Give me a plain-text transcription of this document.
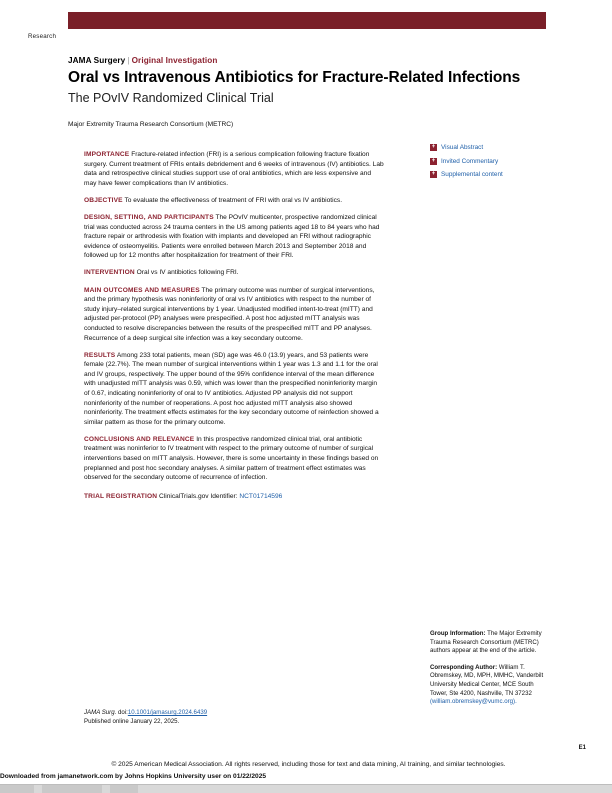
Research
JAMA Surgery | Original Investigation
Oral vs Intravenous Antibiotics for Fracture-Related Infections
The POvIV Randomized Clinical Trial
Major Extremity Trauma Research Consortium (METRC)
IMPORTANCE Fracture-related infection (FRI) is a serious complication following fracture fixation surgery. Current treatment of FRIs entails debridement and 6 weeks of intravenous (IV) antibiotics. Lab data and retrospective clinical studies support use of oral antibiotics, which are less expensive and may have fewer complications than IV antibiotics.
OBJECTIVE To evaluate the effectiveness of treatment of FRI with oral vs IV antibiotics.
DESIGN, SETTING, AND PARTICIPANTS The POvIV multicenter, prospective randomized clinical trial was conducted across 24 trauma centers in the US among patients aged 18 to 84 years who had fracture repair or arthrodesis with fixation with implants and developed an FRI without radiographic evidence of osteomyelitis. Patients were enrolled between March 2013 and September 2018 and followed up for 12 months after hospitalization for treatment of their FRI.
INTERVENTION Oral vs IV antibiotics following FRI.
MAIN OUTCOMES AND MEASURES The primary outcome was number of surgical interventions, and the primary hypothesis was noninferiority of oral vs IV antibiotics with respect to the number of study injury–related surgical interventions by 1 year. Unadjusted modified intent-to-treat (mITT) and adjusted per-protocol (PP) analyses were prespecified. A post hoc adjusted mITT analysis was conducted to resolve discrepancies between the results of the prespecified mITT and PP analyses. Recurrence of a deep surgical site infection was a key secondary outcome.
RESULTS Among 233 total patients, mean (SD) age was 46.0 (13.9) years, and 53 patients were female (22.7%). The mean number of surgical interventions within 1 year was 1.3 and 1.1 for the oral and IV groups, respectively. The upper bound of the 95% confidence interval of the mean difference with unadjusted mITT analysis was 0.59, which was lower than the prespecified noninferiority margin of 0.67, indicating noninferiority of oral to IV antibiotics. Adjusted PP analysis did not support noninferiority of the number of reoperations. A post hoc adjusted mITT analysis also showed noninferiority. The treatment effects estimates for the key secondary outcome of reinfection showed a similar pattern as those for the primary outcome.
CONCLUSIONS AND RELEVANCE In this prospective randomized clinical trial, oral antibiotic treatment was noninferior to IV treatment with respect to the primary outcome of number of surgical interventions based on mITT analysis. However, there is some uncertainty in these findings based on preplanned and post hoc secondary analyses. A similar pattern of treatment effect estimates was observed for the secondary outcome of recurrence of infection.
TRIAL REGISTRATION ClinicalTrials.gov Identifier: NCT01714596
+ Visual Abstract
+ Invited Commentary
+ Supplemental content
Group Information: The Major Extremity Trauma Research Consortium (METRC) authors appear at the end of the article.
Corresponding Author: William T. Obremskey, MD, MPH, MMHC, Vanderbilt University Medical Center, MCE South Tower, Ste 4200, Nashville, TN 37232 (william.obremskey@vumc.org).
JAMA Surg. doi:10.1001/jamasurg.2024.6439
Published online January 22, 2025.
E1
© 2025 American Medical Association. All rights reserved, including those for text and data mining, AI training, and similar technologies.
Downloaded from jamanetwork.com by Johns Hopkins University user on 01/22/2025
